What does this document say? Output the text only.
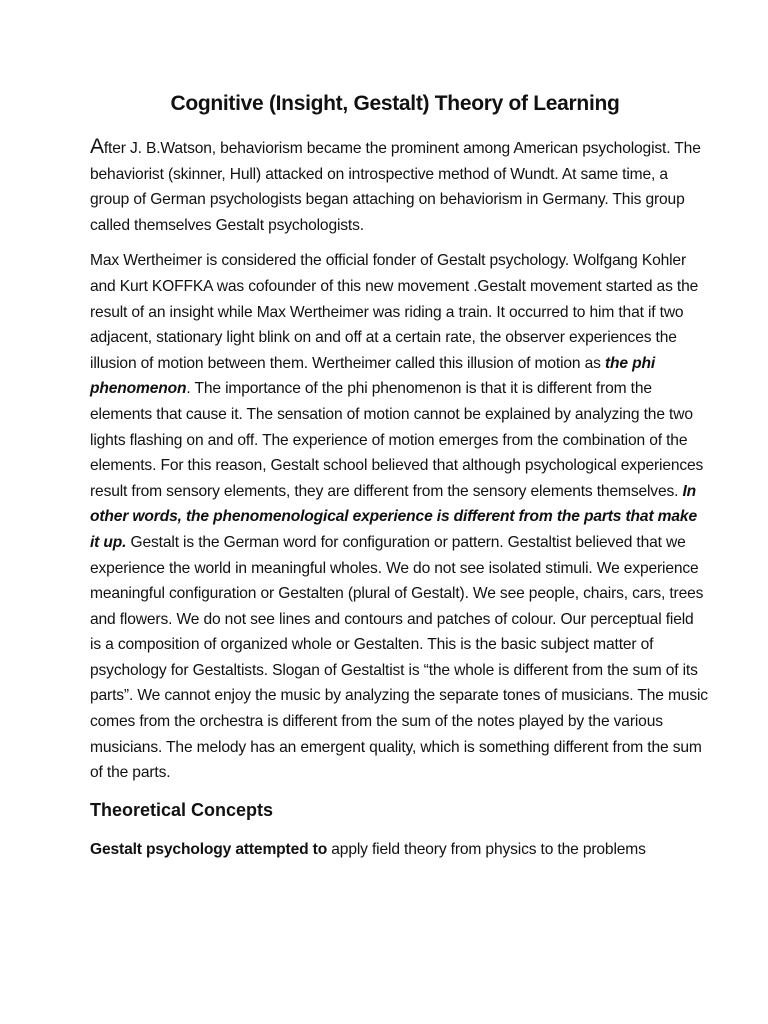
Cognitive (Insight, Gestalt) Theory of Learning

After J. B.Watson, behaviorism became the prominent among American psychologist. The behaviorist (skinner, Hull) attacked on introspective method of Wundt. At same time, a group of German psychologists began attaching on behaviorism in Germany. This group called themselves Gestalt psychologists.

Max Wertheimer is considered the official fonder of Gestalt psychology. Wolfgang Kohler and Kurt KOFFKA was cofounder of this new movement .Gestalt movement started as the result of an insight while Max Wertheimer was riding a train. It occurred to him that if two adjacent, stationary light blink on and off at a certain rate, the observer experiences the illusion of motion between them. Wertheimer called this illusion of motion as the phi phenomenon. The importance of the phi phenomenon is that it is different from the elements that cause it. The sensation of motion cannot be explained by analyzing the two lights flashing on and off. The experience of motion emerges from the combination of the elements. For this reason, Gestalt school believed that although psychological experiences result from sensory elements, they are different from the sensory elements themselves. In other words, the phenomenological experience is different from the parts that make it up. Gestalt is the German word for configuration or pattern. Gestaltist believed that we experience the world in meaningful wholes. We do not see isolated stimuli. We experience meaningful configuration or Gestalten (plural of Gestalt). We see people, chairs, cars, trees and flowers. We do not see lines and contours and patches of colour. Our perceptual field is a composition of organized whole or Gestalten. This is the basic subject matter of psychology for Gestaltists. Slogan of Gestaltist is “the whole is different from the sum of its parts”. We cannot enjoy the music by analyzing the separate tones of musicians. The music comes from the orchestra is different from the sum of the notes played by the various musicians. The melody has an emergent quality, which is something different from the sum of the parts.

Theoretical Concepts

Gestalt psychology attempted to apply field theory from physics to the problems
